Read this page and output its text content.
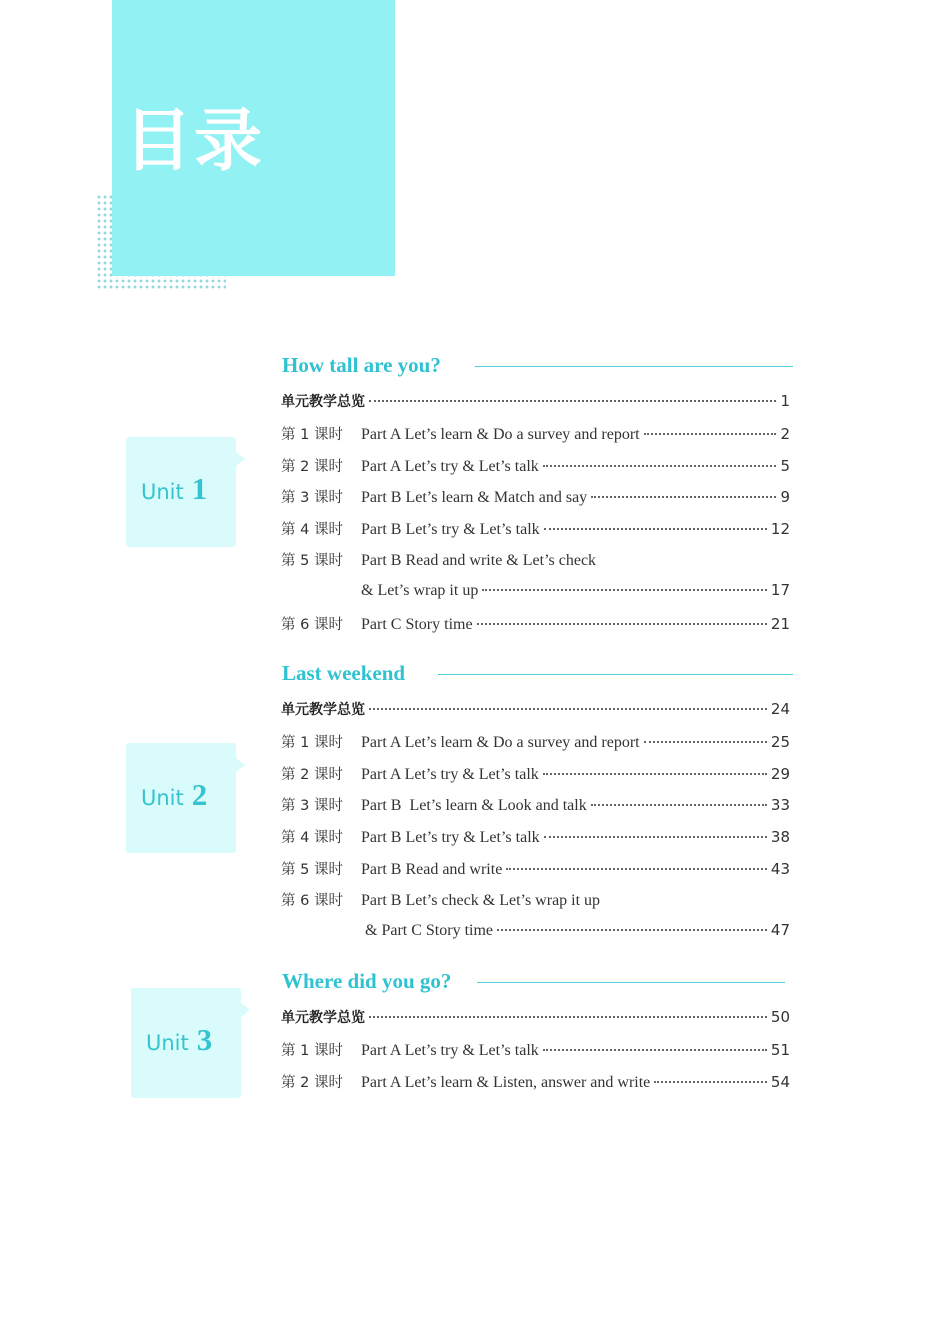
目录
Unit 1
Unit 2
Unit 3
How tall are you?
单元教学总览	1
第 1 课时	Part A Let’s learn & Do a survey and report	2
第 2 课时	Part A Let’s try & Let’s talk	5
第 3 课时	Part B Let’s learn & Match and say	9
第 4 课时	Part B Let’s try & Let’s talk	12
第 5 课时	Part B Read and write & Let’s check
& Let’s wrap it up	17
第 6 课时	Part C Story time	21
Last weekend
单元教学总览	24
第 1 课时	Part A Let’s learn & Do a survey and report	25
第 2 课时	Part A Let’s try & Let’s talk	29
第 3 课时	Part B  Let’s learn & Look and talk	33
第 4 课时	Part B Let’s try & Let’s talk	38
第 5 课时	Part B Read and write	43
第 6 课时	Part B Let’s check & Let’s wrap it up
& Part C Story time	47
Where did you go?
单元教学总览	50
第 1 课时	Part A Let’s try & Let’s talk	51
第 2 课时	Part A Let’s learn & Listen, answer and write	54
